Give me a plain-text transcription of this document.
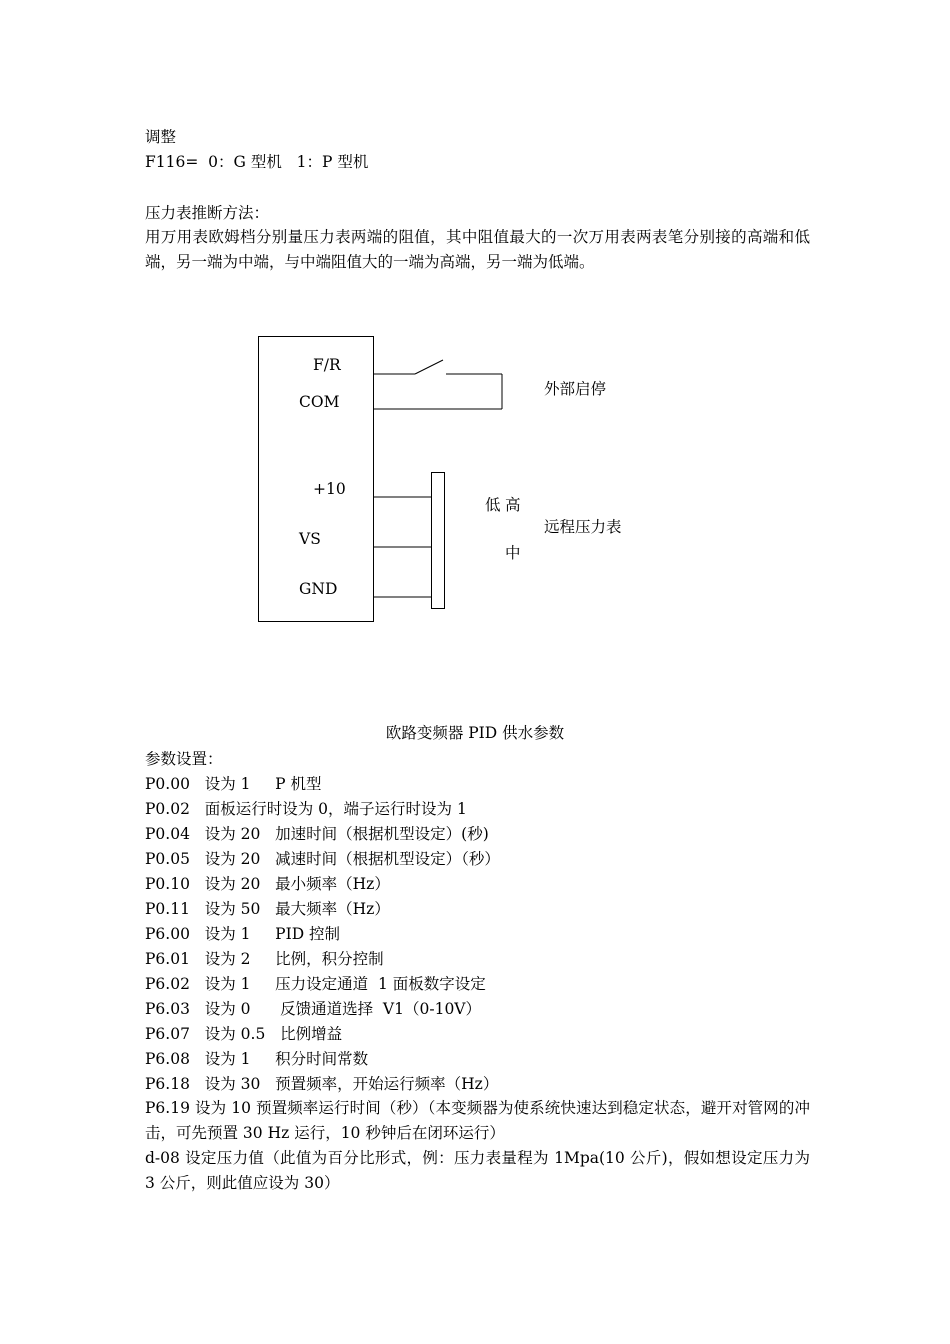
调整
F116=  0：G 型机   1：P 型机
压力表推断方法：
用万用表欧姆档分别量压力表两端的阻值，其中阻值最大的一次万用表两表笔分别接的高端和低端，另一端为中端，与中端阻值大的一端为高端，另一端为低端。
F/R
COM
+10
VS
GND
外部启停
低 高
中
远程压力表
欧路变频器 PID 供水参数
参数设置：
P0.00   设为 1     P 机型
P0.02   面板运行时设为 0，端子运行时设为 1
P0.04   设为 20   加速时间（根据机型设定）(秒)
P0.05   设为 20   减速时间（根据机型设定）（秒）
P0.10   设为 20   最小频率（Hz）
P0.11   设为 50   最大频率（Hz）
P6.00   设为 1     PID 控制
P6.01   设为 2     比例，积分控制
P6.02   设为 1     压力设定通道  1 面板数字设定
P6.03   设为 0      反馈通道选择  V1（0-10V）
P6.07   设为 0.5   比例增益
P6.08   设为 1     积分时间常数
P6.18   设为 30   预置频率，开始运行频率（Hz）
P6.19 设为 10 预置频率运行时间（秒）（本变频器为使系统快速达到稳定状态，避开对管网的冲击，可先预置 30 Hz 运行，10 秒钟后在闭环运行）
d-08 设定压力值（此值为百分比形式，例：压力表量程为 1Mpa(10 公斤)，假如想设定压力为 3 公斤，则此值应设为 30）
